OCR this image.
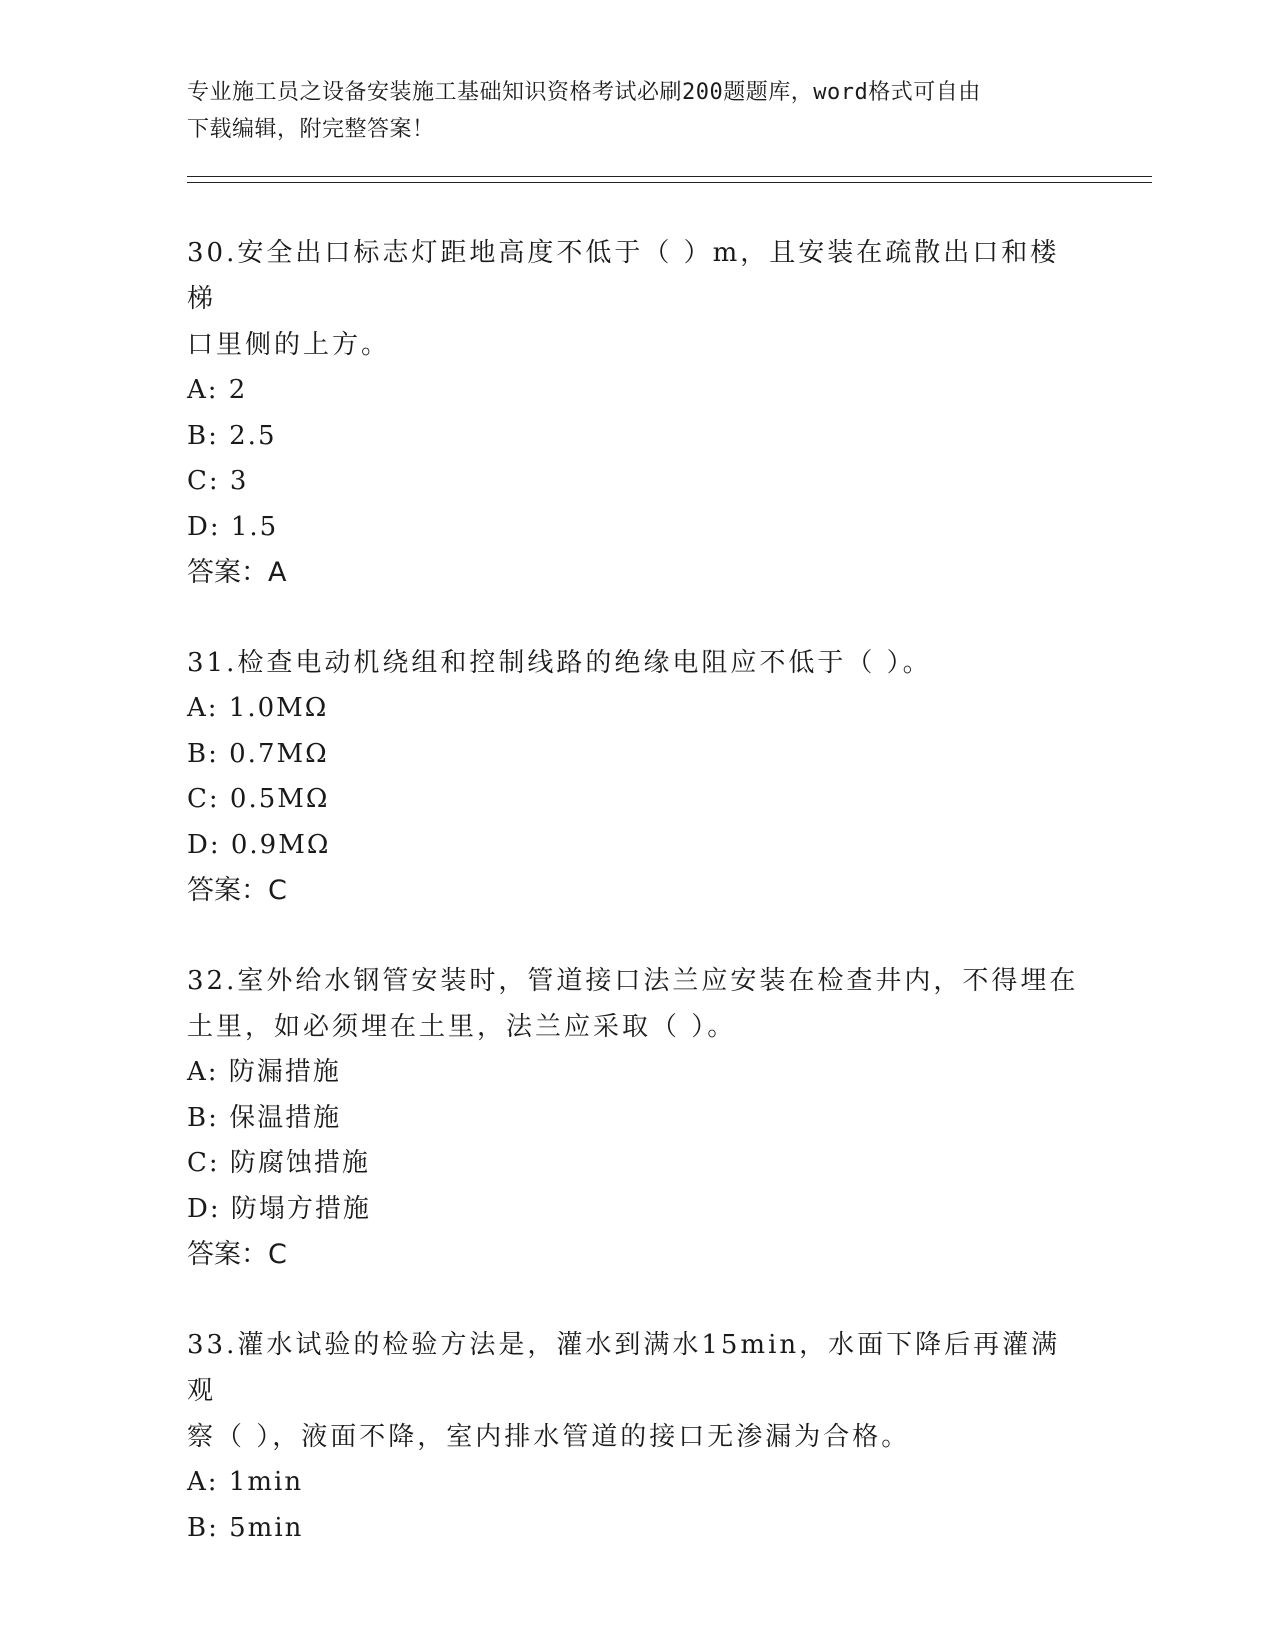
专业施工员之设备安装施工基础知识资格考试必刷200题题库，word格式可自由
下载编辑，附完整答案！

30.安全出口标志灯距地高度不低于（ ）m，且安装在疏散出口和楼梯

口里侧的上方。

A: 2

B: 2.5

C: 3

D: 1.5

答案：A

31.检查电动机绕组和控制线路的绝缘电阻应不低于（ ）。

A: 1.0MΩ

B: 0.7MΩ

C: 0.5MΩ

D: 0.9MΩ

答案：C

32.室外给水钢管安装时，管道接口法兰应安装在检查井内，不得埋在

土里，如必须埋在土里，法兰应采取（ ）。

A: 防漏措施

B: 保温措施

C: 防腐蚀措施

D: 防塌方措施

答案：C

33.灌水试验的检验方法是，灌水到满水15min，水面下降后再灌满观

察（ ），液面不降，室内排水管道的接口无渗漏为合格。

A: 1min

B: 5min
